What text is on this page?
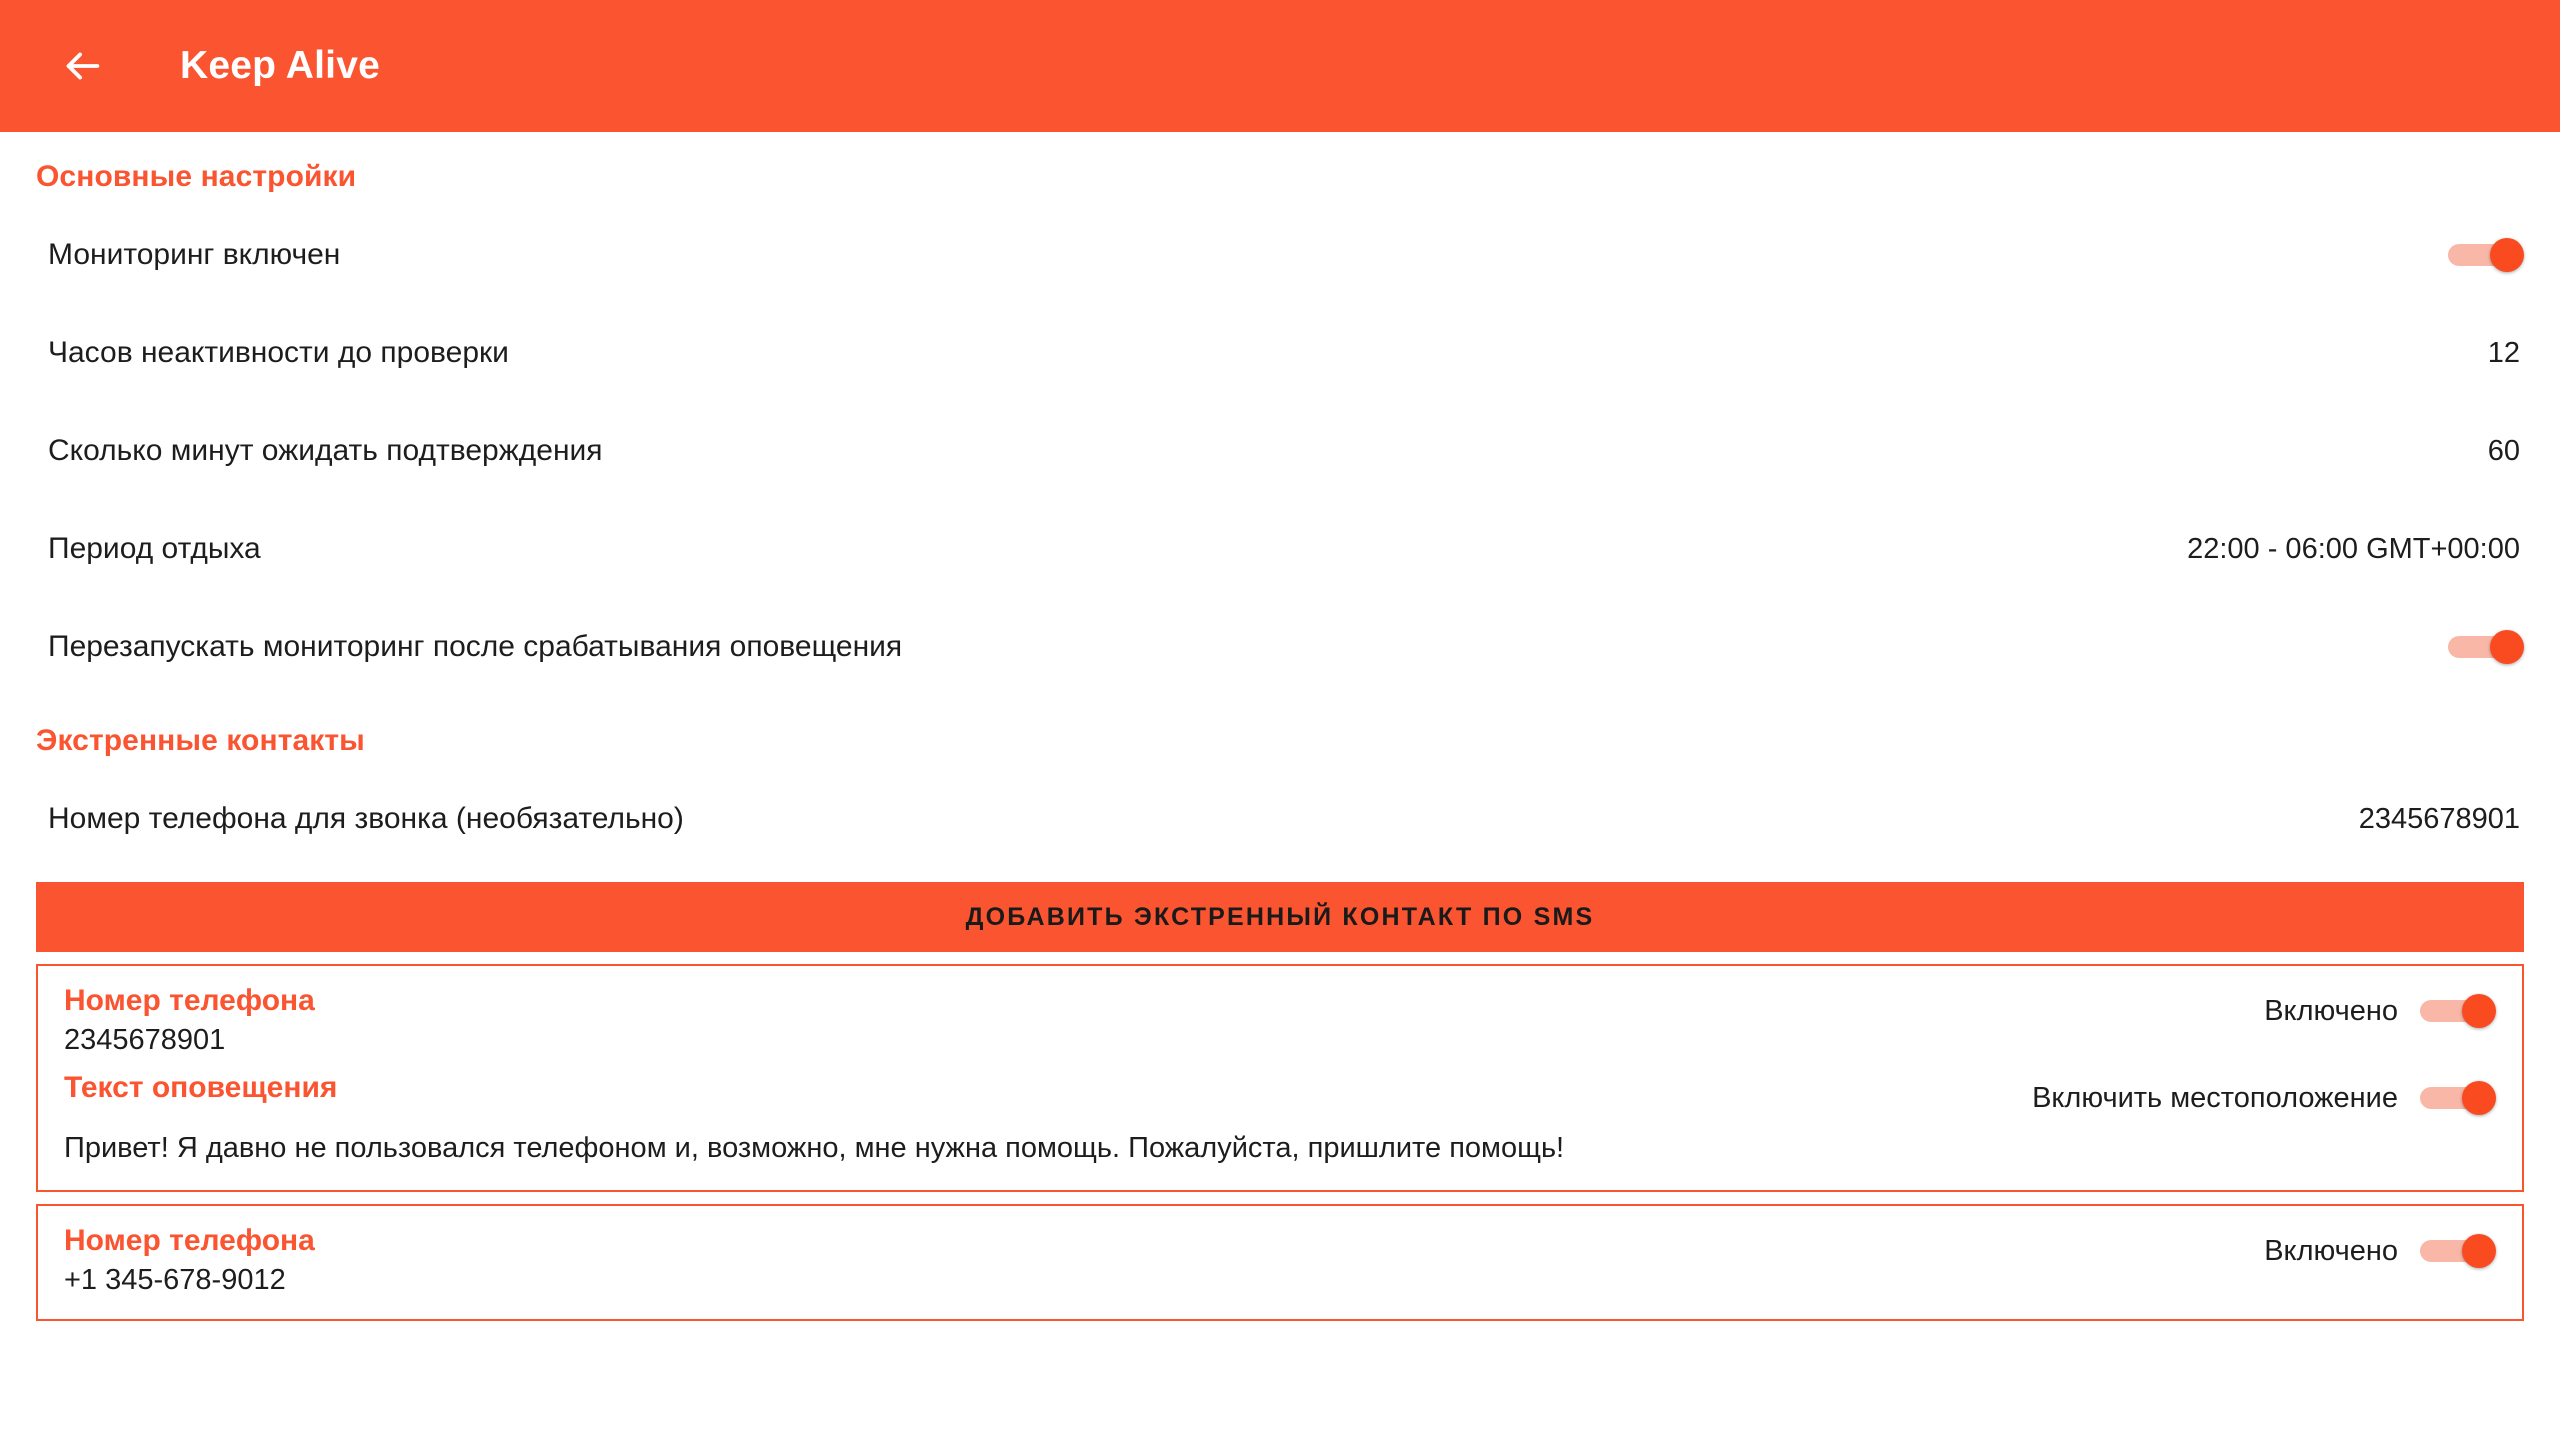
Keep Alive
Основные настройки
Мониторинг включен
Часов неактивности до проверки	12
Сколько минут ожидать подтверждения	60
Период отдыха	22:00 - 06:00 GMT+00:00
Перезапускать мониторинг после срабатывания оповещения
Экстренные контакты
Номер телефона для звонка (необязательно)	2345678901
ДОБАВИТЬ ЭКСТРЕННЫЙ КОНТАКТ ПО SMS
Номер телефона
2345678901
Включено
Текст оповещения	Включить местоположение
Привет! Я давно не пользовался телефоном и, возможно, мне нужна помощь. Пожалуйста, пришлите помощь!
Номер телефона
+1 345-678-9012
Включено
